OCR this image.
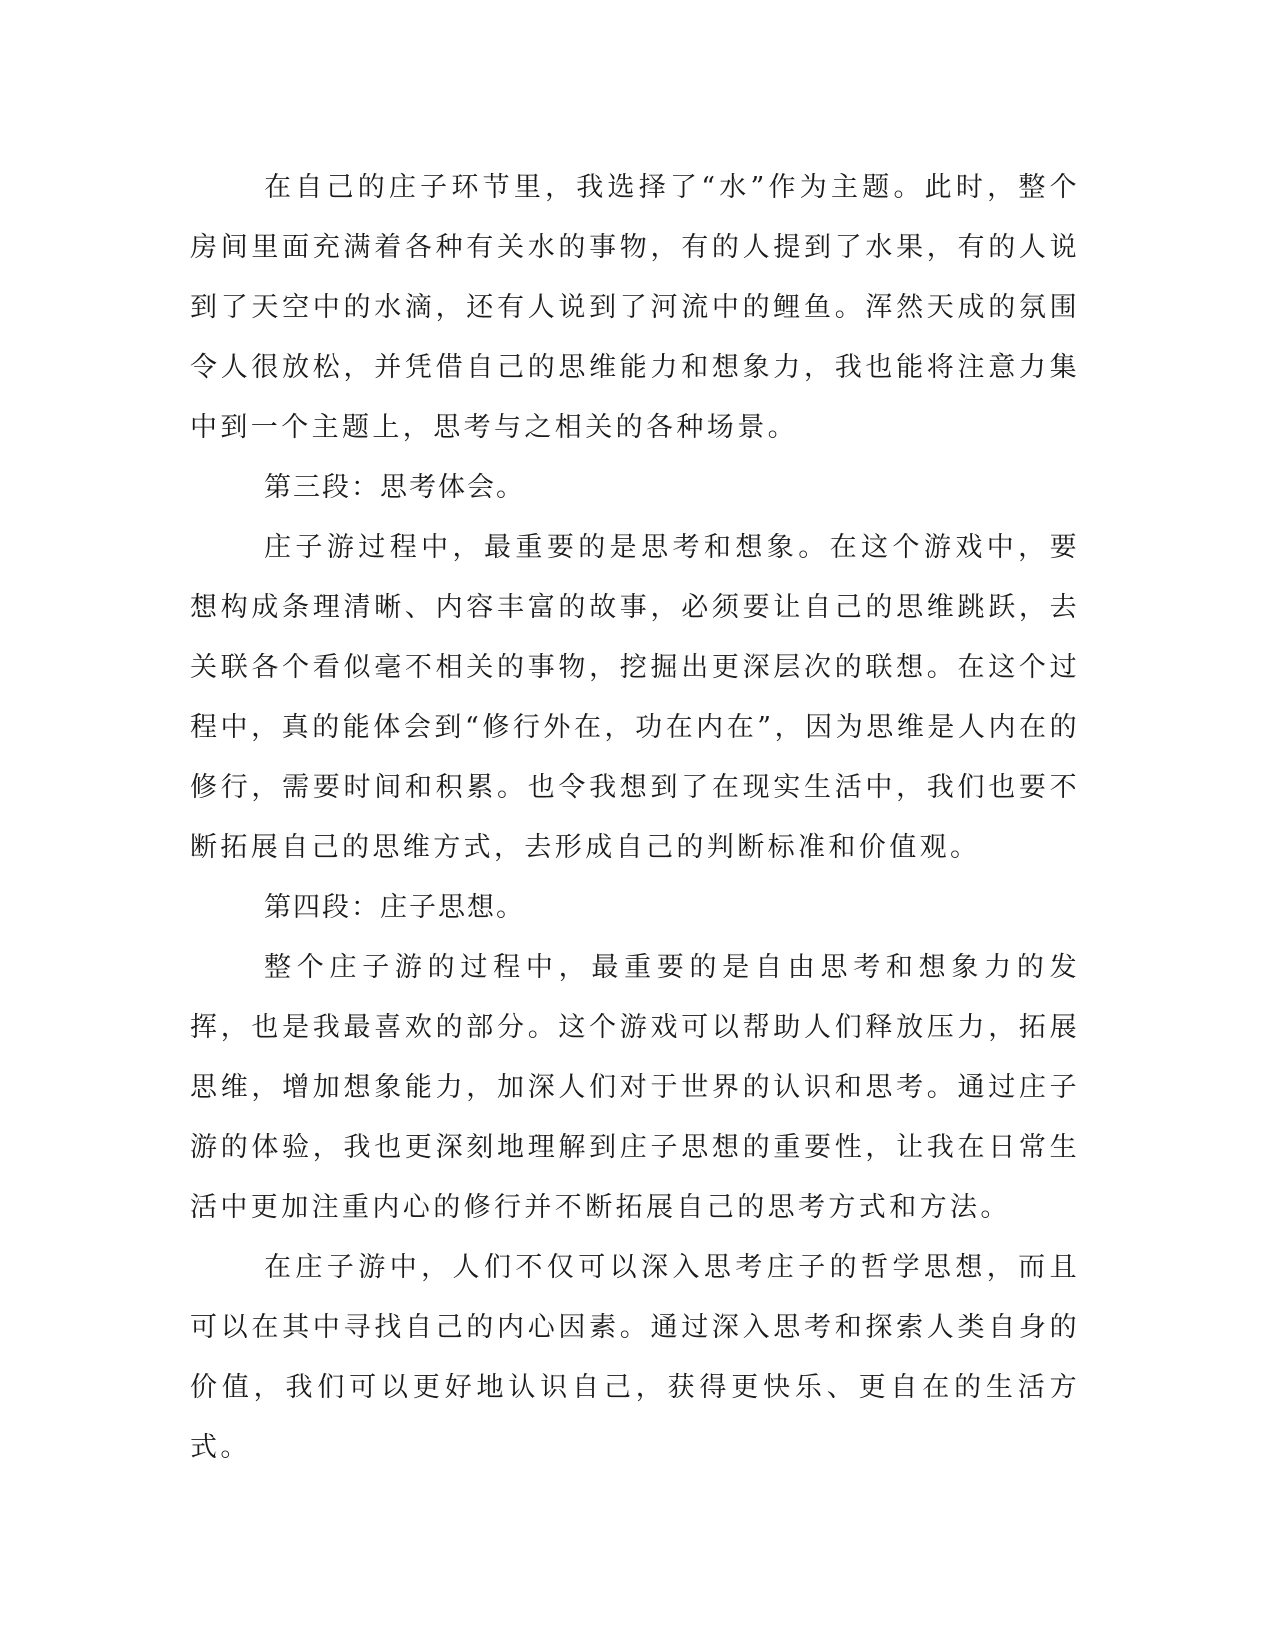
在自己的庄子环节里，我选择了“水”作为主题。此时，整个房间里面充满着各种有关水的事物，有的人提到了水果，有的人说到了天空中的水滴，还有人说到了河流中的鲤鱼。浑然天成的氛围令人很放松，并凭借自己的思维能力和想象力，我也能将注意力集中到一个主题上，思考与之相关的各种场景。

第三段：思考体会。

庄子游过程中，最重要的是思考和想象。在这个游戏中，要想构成条理清晰、内容丰富的故事，必须要让自己的思维跳跃，去关联各个看似毫不相关的事物，挖掘出更深层次的联想。在这个过程中，真的能体会到“修行外在，功在内在”，因为思维是人内在的修行，需要时间和积累。也令我想到了在现实生活中，我们也要不断拓展自己的思维方式，去形成自己的判断标准和价值观。

第四段：庄子思想。

整个庄子游的过程中，最重要的是自由思考和想象力的发挥，也是我最喜欢的部分。这个游戏可以帮助人们释放压力，拓展思维，增加想象能力，加深人们对于世界的认识和思考。通过庄子游的体验，我也更深刻地理解到庄子思想的重要性，让我在日常生活中更加注重内心的修行并不断拓展自己的思考方式和方法。

在庄子游中，人们不仅可以深入思考庄子的哲学思想，而且可以在其中寻找自己的内心因素。通过深入思考和探索人类自身的价值，我们可以更好地认识自己，获得更快乐、更自在的生活方式。
